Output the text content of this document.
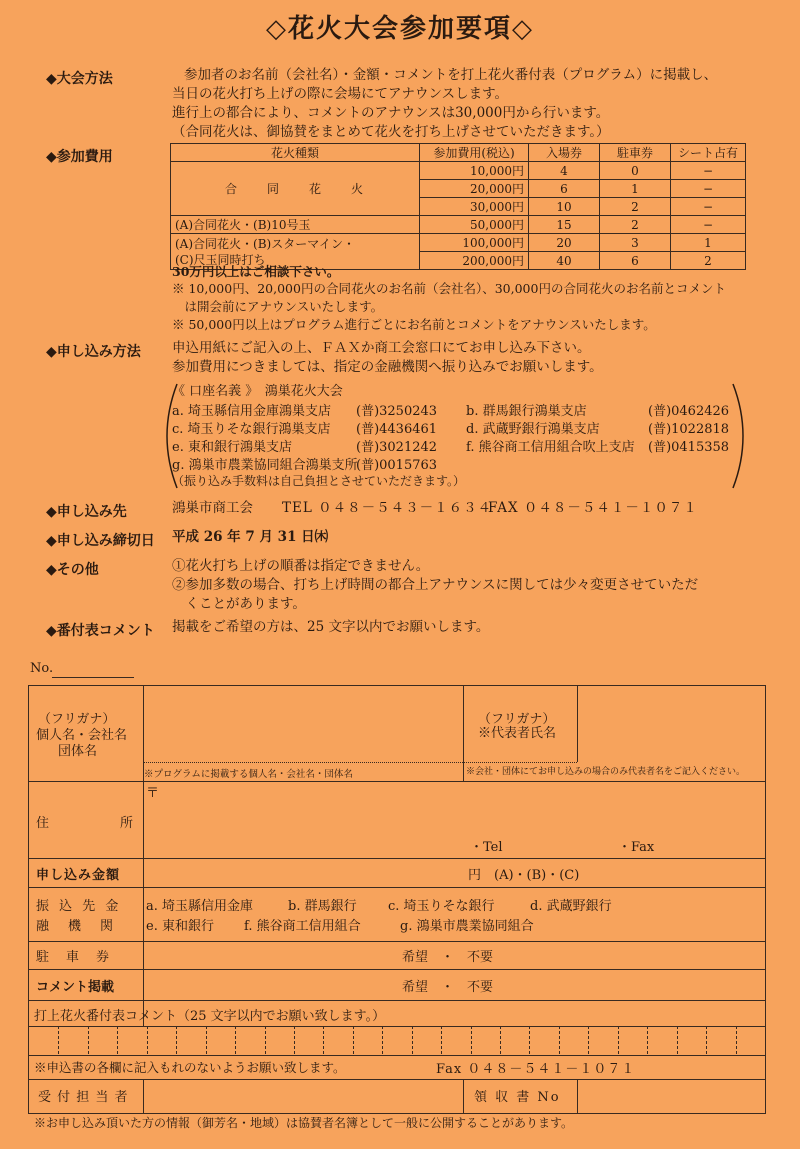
◇花火大会参加要項◇
◆大会方法	参加者のお名前（会社名）・金額・コメントを打上花火番付表（プログラム）に掲載し、
当日の花火打ち上げの際に会場にてアナウンスします。
進行上の都合により、コメントのアナウンスは30,000円から行います。
（合同花火は、御協賛をまとめて花火を打ち上げさせていただきます。）
◆参加費用	花火種類	参加費用(税込)	入場券	駐車券	シート占有
合　　同　　花　　火	10,000円	4	0	−
	20,000円	6	1	−
	30,000円	10	2	−
(A)合同花火・(B)10号玉	50,000円	15	2	−

(A)合同花火・(B)スターマイン・
(C)尺玉同時打ち	100,000円	20	3	1
	200,000円	40	6	2
30万円以上はご相談下さい。
※ 10,000円、20,000円の合同花火のお名前（会社名）、30,000円の合同花火のお名前とコメント
　は開会前にアナウンスいたします。
※ 50,000円以上はプログラム進行ごとにお名前とコメントをアナウンスいたします。
◆申し込み方法 申込用紙にご記入の上、ＦＡＸか商工会窓口にてお申し込み下さい。
参加費用につきましては、指定の金融機関へ振り込みでお願いします。
《 口座名義 》　鴻巣花火大会
a. 埼玉縣信用金庫鴻巣支店 (普)3250243 b. 群馬銀行鴻巣支店	(普)0462426
c. 埼玉りそな銀行鴻巣支店 (普)4436461 d. 武蔵野銀行鴻巣支店	(普)1022818
e. 東和銀行鴻巣支店	(普)3021242 f. 熊谷商工信用組合吹上支店 (普)0415358
g. 鴻巣市農業協同組合鴻巣支所
(普)0015763
（振り込み手数料は自己負担とさせていただきます。）
◆申し込み先	鴻巣市商工会 TEL ０４８－５４３－１６３４
FAX ０４８－５４１－１０７１
◆申し込み締切日 平成 26 年 7 月 31 日㈭
◆その他	①花火打ち上げの順番は指定できません。
②参加多数の場合、打ち上げ時間の都合上アナウンスに関しては少々変更させていただ
　くことがあります。
◆番付表コメント 掲載をご希望の方は、25 文字以内でお願いします。
No.
（フリガナ）
個人名・会社名
団体名
※プログラムに掲載する個人名・会社名・団体名
（フリガナ）
※代表者氏名
※会社・団体にてお申し込みの場合のみ代表者名をご記入ください。
住　　　　　所
〒
・Tel	・Fax
申し込み金額	円　(A)・(B)・(C)
振 込 先 金
融　機　関
a. 埼玉縣信用金庫	b. 群馬銀行 c. 埼玉りそな銀行	d. 武蔵野銀行
e. 東和銀行 f. 熊谷商工信用組合	g. 鴻巣市農業協同組合
駐　車　券	希望　・　不要
コメント掲載	希望　・　不要
打上花火番付表コメント（25 文字以内でお願い致します。）
※申込書の各欄に記入もれのないようお願い致します。	Fax ０４８－５４１－１０７１
受 付 担 当 者	領 収 書 No
※お申し込み頂いた方の情報（御芳名・地域）は協賛者名簿として一般に公開することがあります。
